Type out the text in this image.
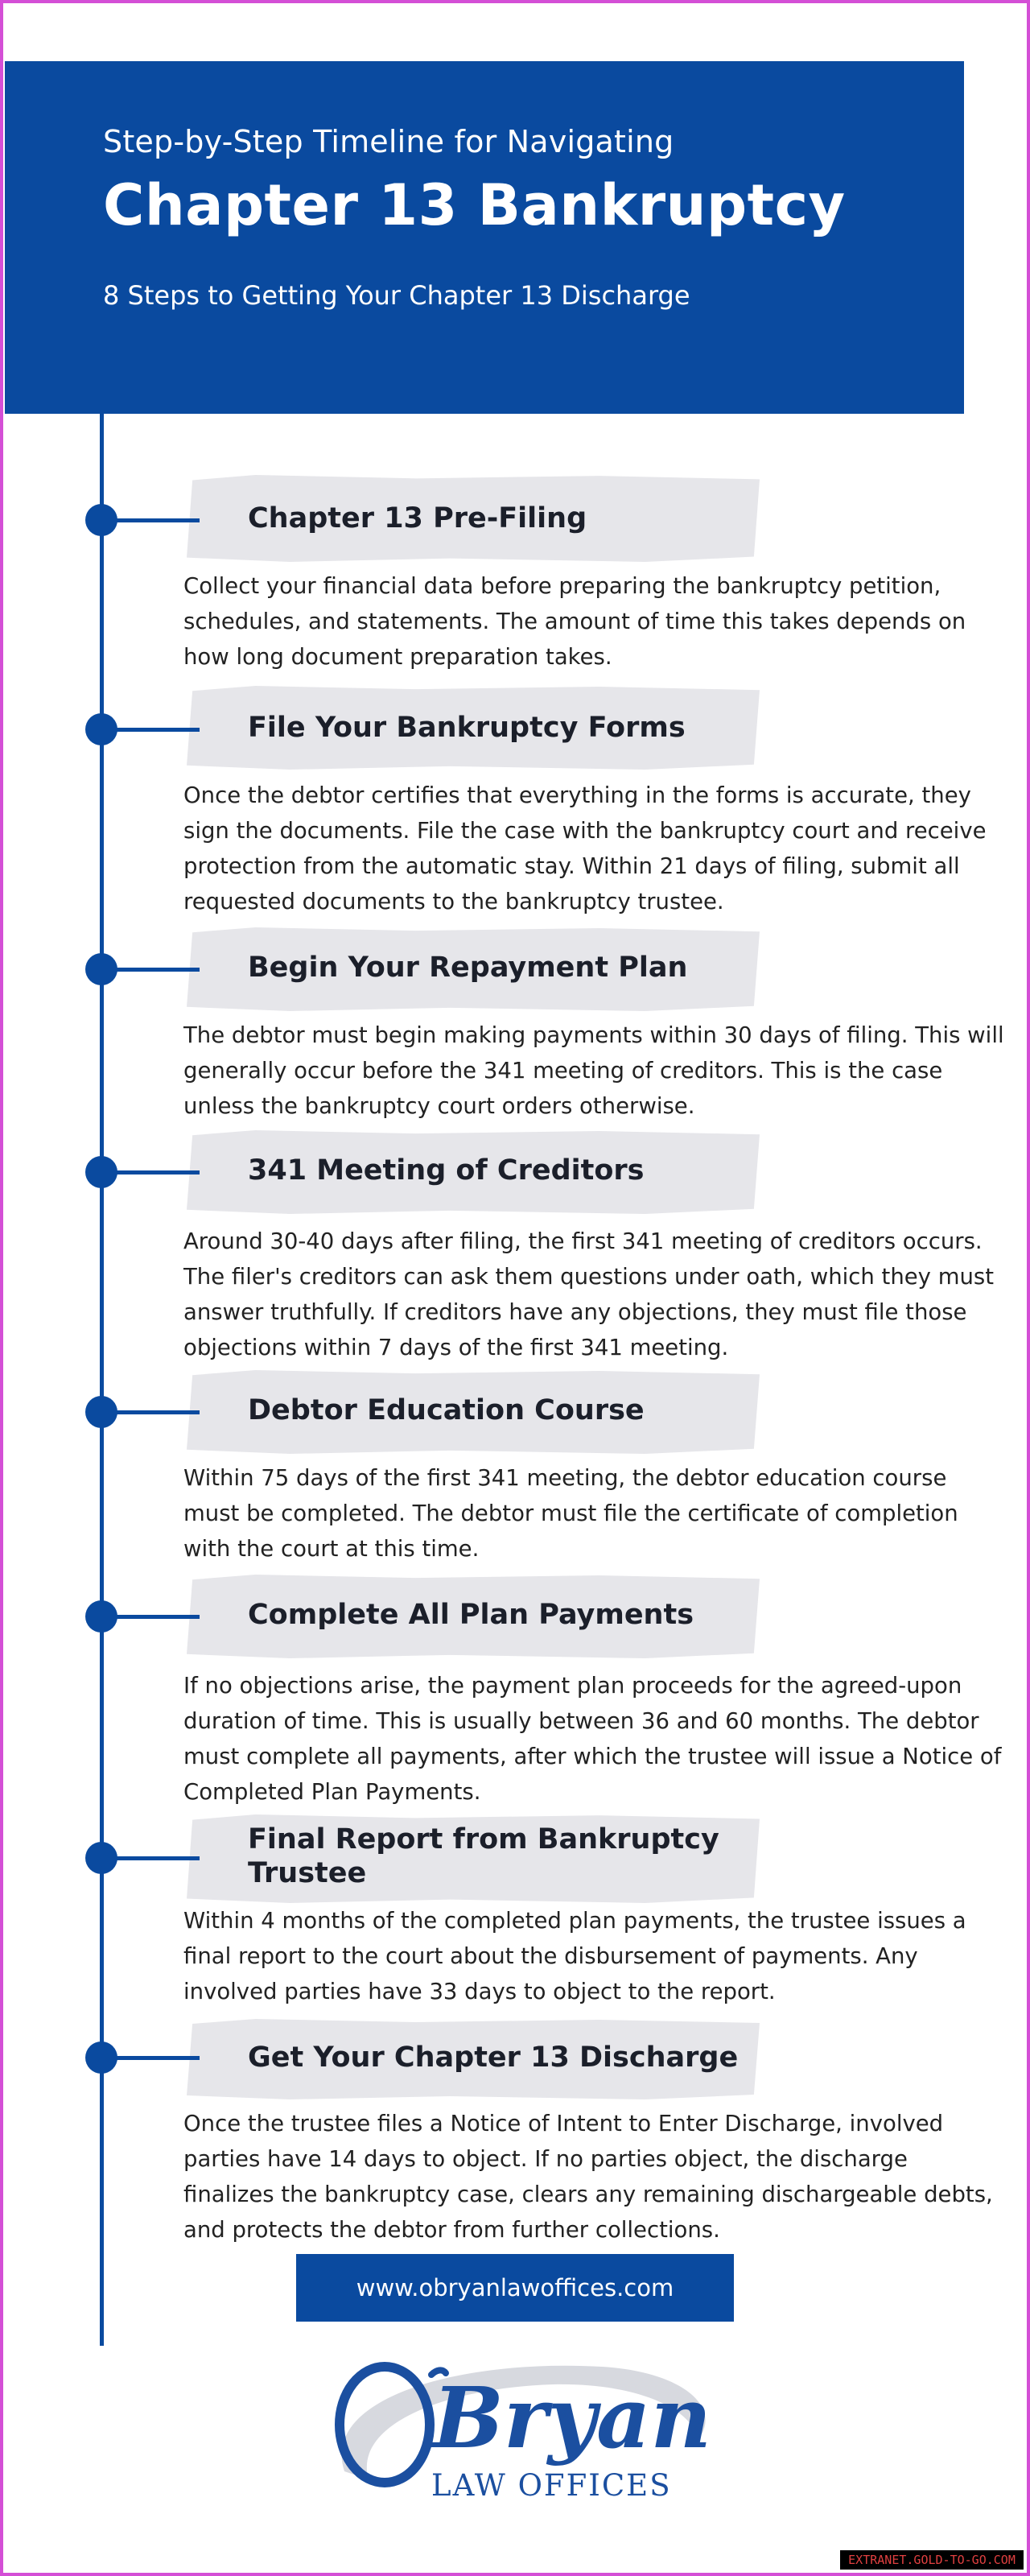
Step-by-Step Timeline for Navigating
Chapter 13 Bankruptcy
8 Steps to Getting Your Chapter 13 Discharge
Chapter 13 Pre-Filing
Collect your financial data before preparing the bankruptcy petition, schedules, and statements. The amount of time this takes depends on how long document preparation takes.
File Your Bankruptcy Forms
Once the debtor certifies that everything in the forms is accurate, they sign the documents. File the case with the bankruptcy court and receive protection from the automatic stay. Within 21 days of filing, submit all requested documents to the bankruptcy trustee.
Begin Your Repayment Plan
The debtor must begin making payments within 30 days of filing. This will generally occur before the 341 meeting of creditors. This is the case unless the bankruptcy court orders otherwise.
341 Meeting of Creditors
Around 30-40 days after filing, the first 341 meeting of creditors occurs. The filer's creditors can ask them questions under oath, which they must answer truthfully. If creditors have any objections, they must file those objections within 7 days of the first 341 meeting.
Debtor Education Course
Within 75 days of the first 341 meeting, the debtor education course must be completed. The debtor must file the certificate of completion with the court at this time.
Complete All Plan Payments
If no objections arise, the payment plan proceeds for the agreed-upon duration of time. This is usually between 36 and 60 months. The debtor must complete all payments, after which the trustee will issue a Notice of Completed Plan Payments.
Final Report from Bankruptcy
Trustee
Within 4 months of the completed plan payments, the trustee issues a final report to the court about the disbursement of payments. Any involved parties have 33 days to object to the report.
Get Your Chapter 13 Discharge
Once the trustee files a Notice of Intent to Enter Discharge, involved parties have 14 days to object. If no parties object, the discharge finalizes the bankruptcy case, clears any remaining dischargeable debts, and protects the debtor from further collections.
www.obryanlawoffices.com
Bryan
LAW OFFICES
EXTRANET.GOLD-TO-GO.COM
